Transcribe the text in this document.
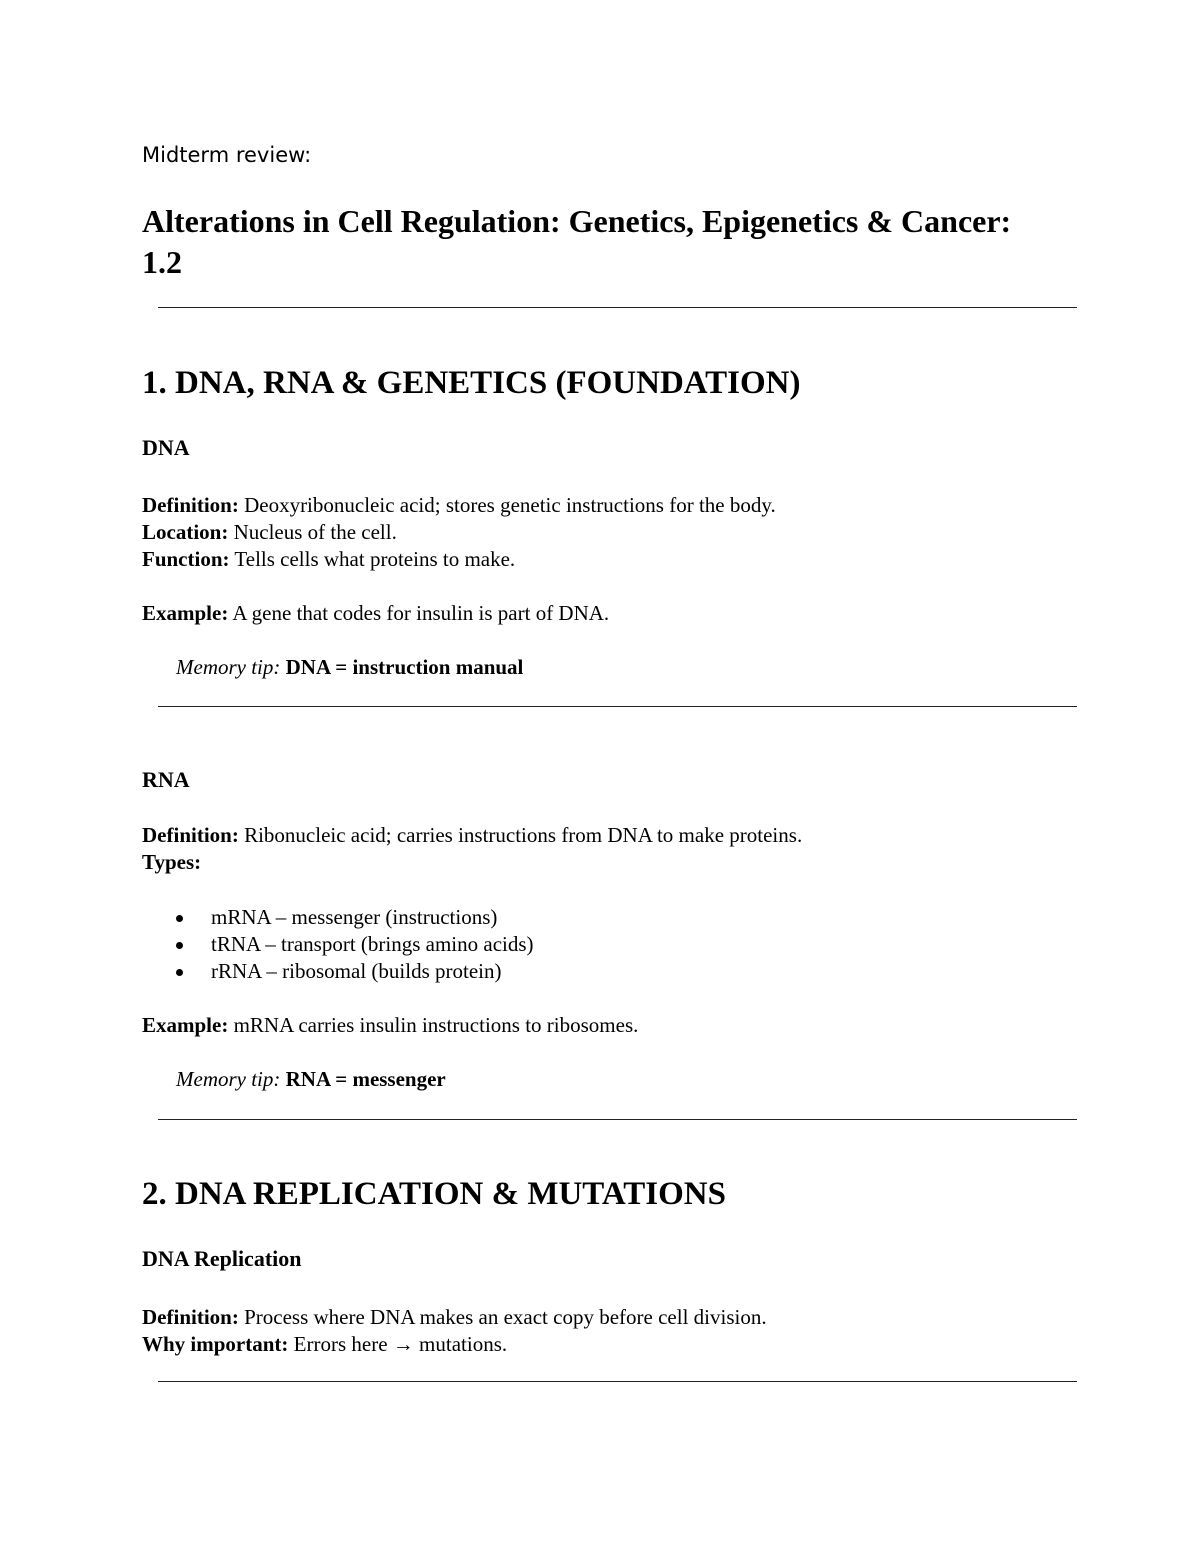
Midterm review:

Alterations in Cell Regulation: Genetics, Epigenetics & Cancer: 1.2
1. DNA, RNA & GENETICS (FOUNDATION)
DNA

Definition: Deoxyribonucleic acid; stores genetic instructions for the body.

Location: Nucleus of the cell.

Function: Tells cells what proteins to make.

Example: A gene that codes for insulin is part of DNA.

Memory tip: DNA = instruction manual

RNA

Definition: Ribonucleic acid; carries instructions from DNA to make proteins.

Types:

mRNA – messenger (instructions)
tRNA – transport (brings amino acids)
rRNA – ribosomal (builds protein)

Example: mRNA carries insulin instructions to ribosomes.

Memory tip: RNA = messenger

2. DNA REPLICATION & MUTATIONS
DNA Replication

Definition: Process where DNA makes an exact copy before cell division.

Why important: Errors here → mutations.
